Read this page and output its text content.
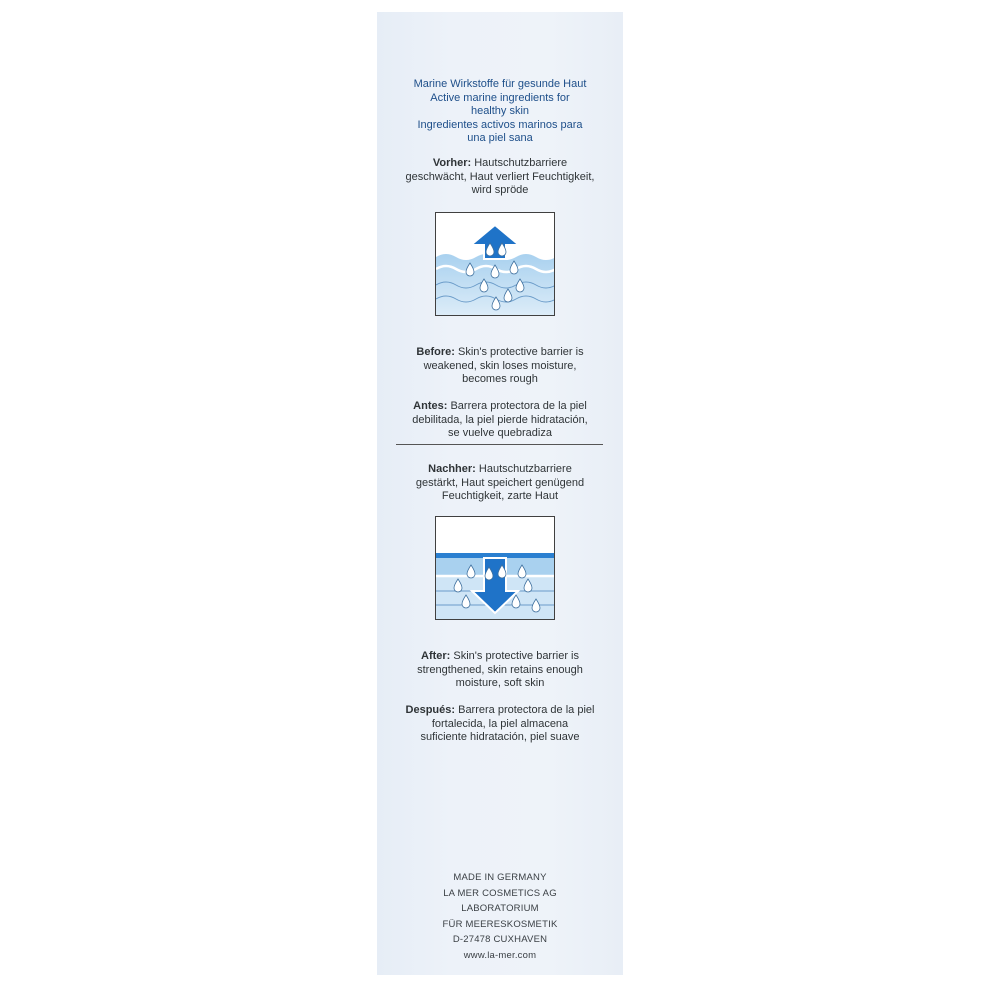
Marine Wirkstoffe für gesunde Haut
Active marine ingredients for
healthy skin
Ingredientes activos marinos para
una piel sana
Vorher: Hautschutzbarriere
geschwächt, Haut verliert Feuchtigkeit,
wird spröde
Before: Skin's protective barrier is
weakened, skin loses moisture,
becomes rough
Antes: Barrera protectora de la piel
debilitada, la piel pierde hidratación,
se vuelve quebradiza
Nachher: Hautschutzbarriere
gestärkt, Haut speichert genügend
Feuchtigkeit, zarte Haut
After: Skin's protective barrier is
strengthened, skin retains enough
moisture, soft skin
Después: Barrera protectora de la piel
fortalecida, la piel almacena
suficiente hidratación, piel suave
MADE IN GERMANY
LA MER COSMETICS AG
LABORATORIUM
FÜR MEERESKOSMETIK
D-27478 CUXHAVEN
www.la-mer.com
